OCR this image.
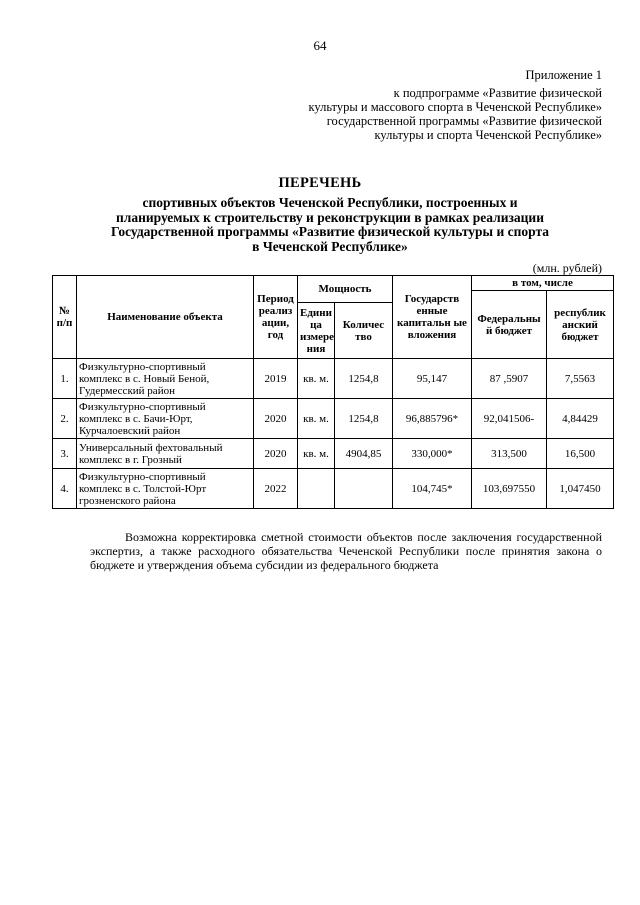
64
Приложение 1
к подпрограмме «Развитие физической
культуры и массового спорта в Чеченской Республике»
государственной программы «Развитие физической
культуры и спорта Чеченской Республике»
ПЕРЕЧЕНЬ
спортивных объектов Чеченской Республики, построенных и
планируемых к строительству и реконструкции в рамках реализации
Государственной программы «Развитие физической культуры и спорта
в Чеченской Республике»
(млн. рублей)
№ п/п	Наименование объекта	Период реализ ации, год	Мощность		Государств енные капитальн ые вложения	в том, числе	
						Федеральны й бюджет	республик анский бюджет
			Едини ца измере ния	Количес тво			
1.	Физкультурно-спортивный комплекс в с. Новый Беной, Гудермесский район	2019	кв. м.	1254,8	95,147	87 ,5907	7,5563
2.	Физкультурно-спортивный комплекс в с. Бачи-Юрт, Курчалоевский район	2020	кв. м.	1254,8	96,885796*	92,041506-	4,84429
3.	Универсальный фехтовальный комплекс в г. Грозный	2020	кв. м.	4904,85	330,000*	313,500	16,500
4.	Физкультурно-спортивный комплекс в с. Толстой-Юрт грозненского района	2022			104,745*	103,697550	1,047450

Возможна корректировка сметной стоимости объектов после заключения государственной экспертиз, а также расходного обязательства Чеченской Республики после принятия закона о бюджете и утверждения объема субсидии из федерального бюджета
